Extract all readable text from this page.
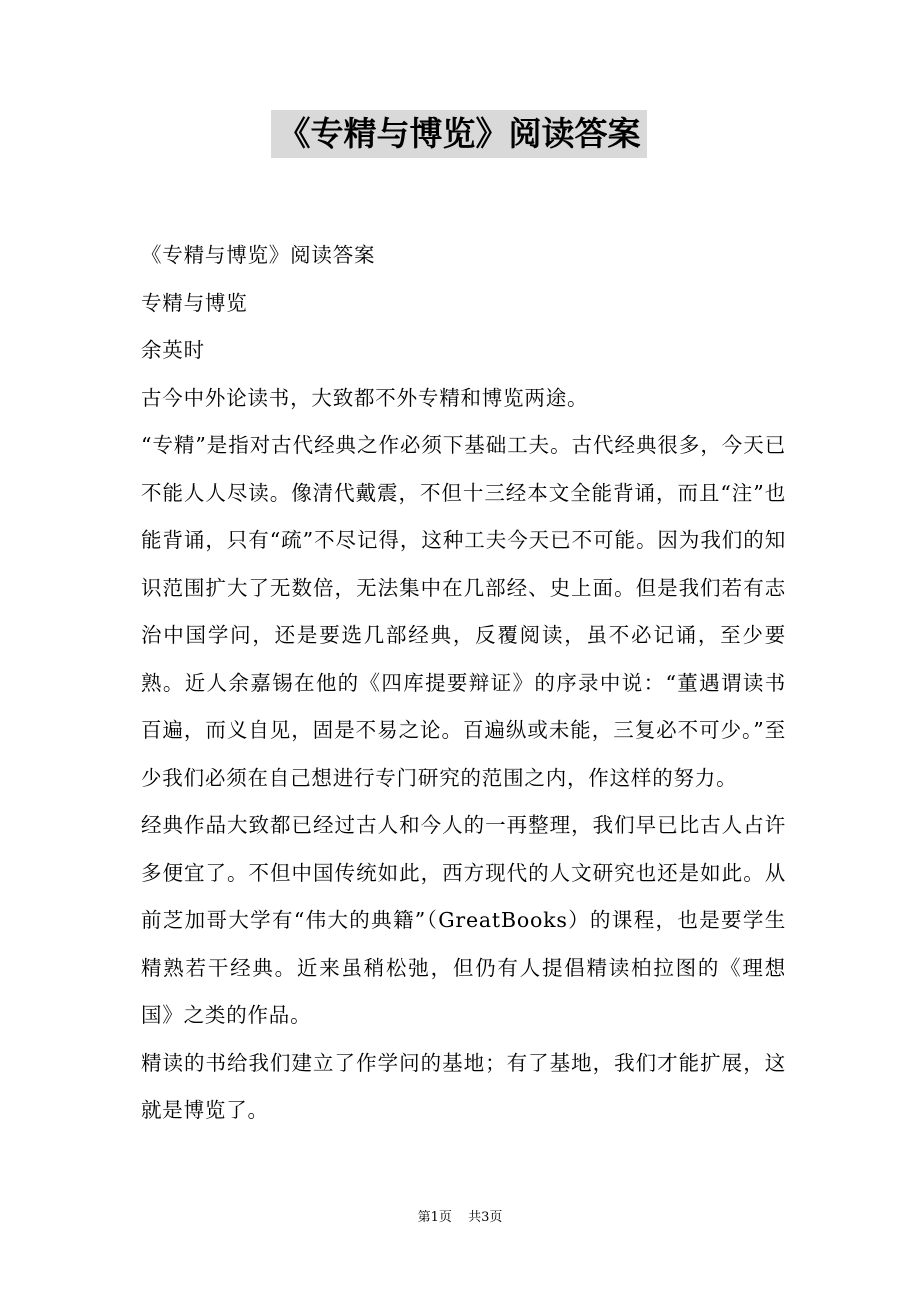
《专精与博览》阅读答案

《专精与博览》阅读答案

专精与博览

余英时

古今中外论读书，大致都不外专精和博览两途。

“专精”是指对古代经典之作必须下基础工夫。古代经典很多，今天已不能人人尽读。像清代戴震，不但十三经本文全能背诵，而且“注”也能背诵，只有“疏”不尽记得，这种工夫今天已不可能。因为我们的知识范围扩大了无数倍，无法集中在几部经、史上面。但是我们若有志治中国学问，还是要选几部经典，反覆阅读，虽不必记诵，至少要熟。近人余嘉锡在他的《四库提要辩证》的序录中说：“董遇谓读书百遍，而义自见，固是不易之论。百遍纵或未能，三复必不可少。”至少我们必须在自己想进行专门研究的范围之内，作这样的努力。

经典作品大致都已经过古人和今人的一再整理，我们早已比古人占许多便宜了。不但中国传统如此，西方现代的人文研究也还是如此。从前芝加哥大学有“伟大的典籍”（GreatBooks）的课程，也是要学生精熟若干经典。近来虽稍松弛，但仍有人提倡精读柏拉图的《理想国》之类的作品。

精读的书给我们建立了作学问的基地；有了基地，我们才能扩展，这就是博览了。

第1页 共3页
